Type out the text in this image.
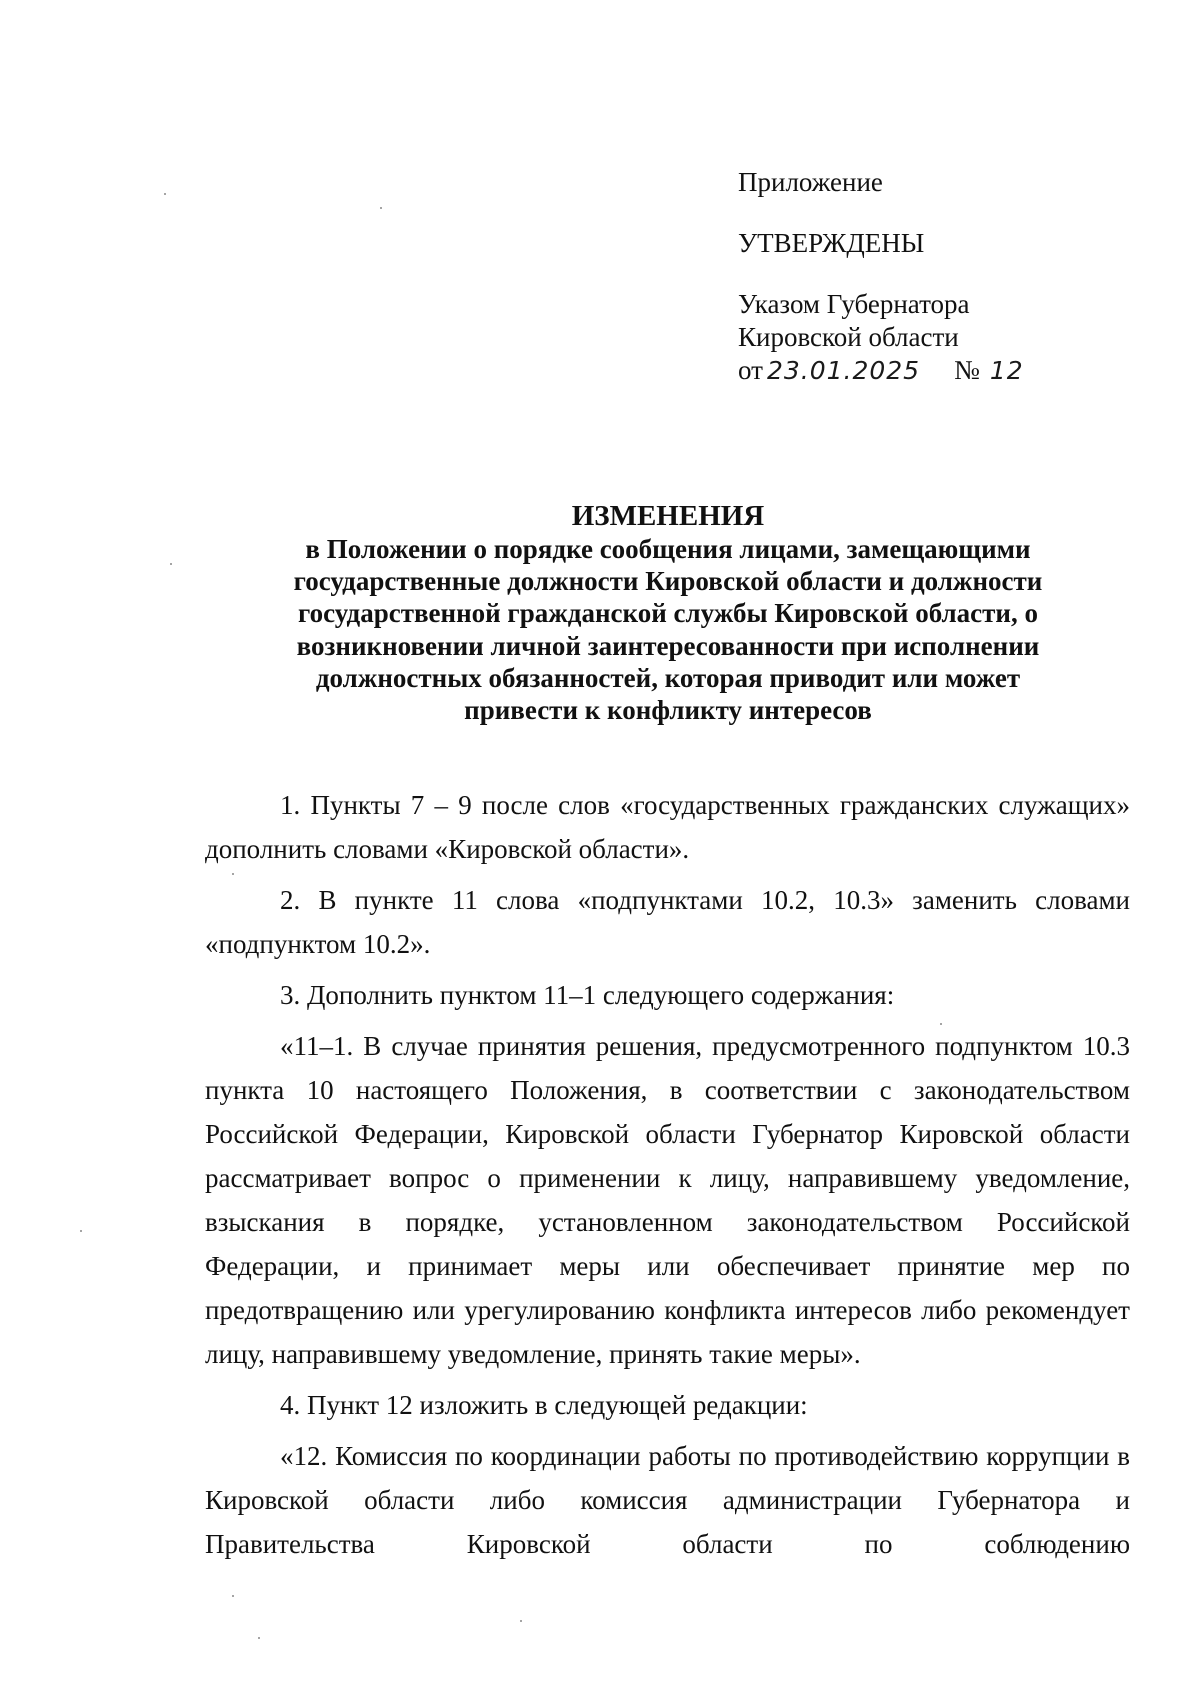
Приложение
УТВЕРЖДЕНЫ
Указом Губернатора
Кировской области
от 23.01.2025 № 12
ИЗМЕНЕНИЯ
в Положении о порядке сообщения лицами, замещающими
государственные должности Кировской области и должности
государственной гражданской службы Кировской области, о
возникновении личной заинтересованности при исполнении
должностных обязанностей, которая приводит или может
привести к конфликту интересов

1. Пункты 7 – 9 после слов «государственных гражданских служащих» дополнить словами «Кировской области».

2. В пункте 11 слова «подпунктами 10.2, 10.3» заменить словами «подпунктом 10.2».

3. Дополнить пунктом 11–1 следующего содержания:

«11–1. В случае принятия решения, предусмотренного подпунктом 10.3 пункта 10 настоящего Положения, в соответствии с законодательством Российской Федерации, Кировской области Губернатор Кировской области рассматривает вопрос о применении к лицу, направившему уведомление, взыскания в порядке, установленном законодательством Российской Федерации, и принимает меры или обеспечивает принятие мер по предотвращению или урегулированию конфликта интересов либо рекомендует лицу, направившему уведомление, принять такие меры».

4. Пункт 12 изложить в следующей редакции:

«12. Комиссия по координации работы по противодействию коррупции в Кировской области либо комиссия администрации Губернатора и Правительства Кировской области по соблюдению
